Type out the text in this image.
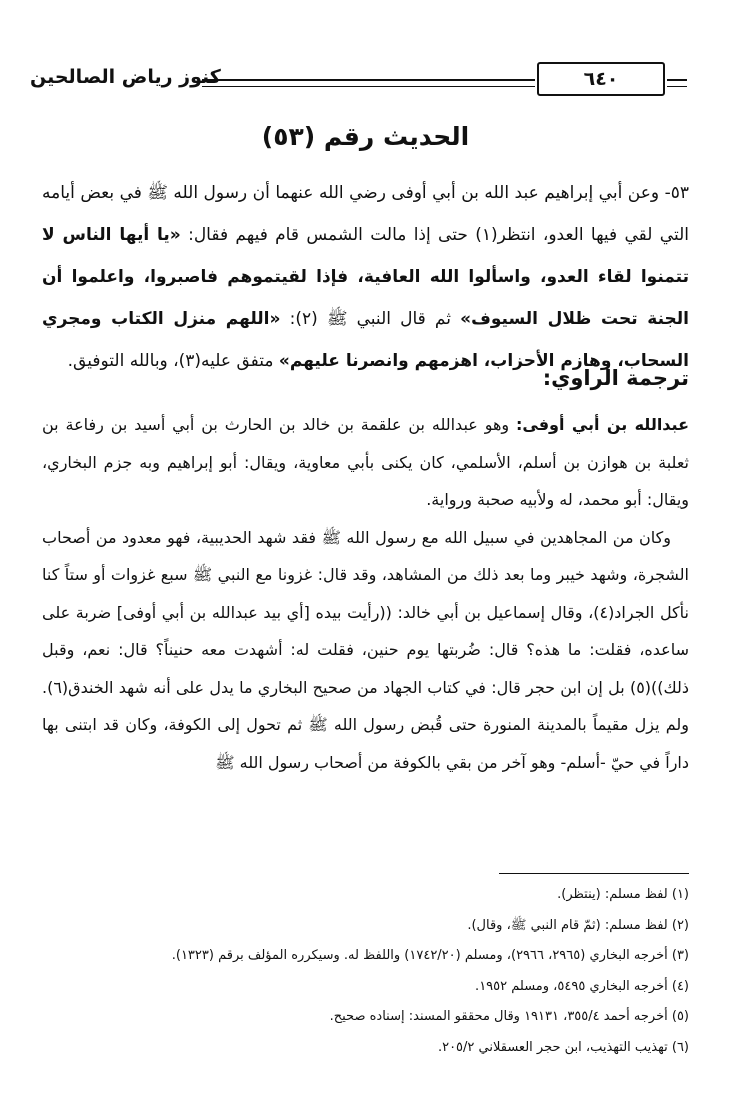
كنوز رياض الصالحين	٦٤٠
الحديث رقم (٥٣)
٥٣- وعن أبي إبراهيم عبد الله بن أبي أوفى رضي الله عنهما أن رسول الله ﷺ في بعض أيامه التي لقي فيها العدو، انتظر(١) حتى إذا مالت الشمس قام فيهم فقال: «يا أيها الناس لا تتمنوا لقاء العدو، واسألوا الله العافية، فإذا لقيتموهم فاصبروا، واعلموا أن الجنة تحت ظلال السيوف» ثم قال النبي ﷺ (٢): «اللهم منزل الكتاب ومجري السحاب، وهازم الأحزاب، اهزمهم وانصرنا عليهم» متفق عليه(٣)، وبالله التوفيق.
ترجمة الراوي:

عبدالله بن أبي أوفى: وهو عبدالله بن علقمة بن خالد بن الحارث بن أبي أسيد بن رفاعة بن ثعلبة بن هوازن بن أسلم، الأسلمي، كان يكنى بأبي معاوية، ويقال: أبو إبراهيم وبه جزم البخاري، ويقال: أبو محمد، له ولأبيه صحبة ورواية.

وكان من المجاهدين في سبيل الله مع رسول الله ﷺ فقد شهد الحديبية، فهو معدود من أصحاب الشجرة، وشهد خيبر وما بعد ذلك من المشاهد، وقد قال: غزونا مع النبي ﷺ سبع غزوات أو ستاً كنا نأكل الجراد(٤)، وقال إسماعيل بن أبي خالد: ((رأيت بيده [أي بيد عبدالله بن أبي أوفى] ضربة على ساعده، فقلت: ما هذه؟ قال: ضُربتها يوم حنين، فقلت له: أشهدت معه حنيناً؟ قال: نعم، وقبل ذلك))(٥) بل إن ابن حجر قال: في كتاب الجهاد من صحيح البخاري ما يدل على أنه شهد الخندق(٦). ولم يزل مقيماً بالمدينة المنورة حتى قُبض رسول الله ﷺ ثم تحول إلى الكوفة، وكان قد ابتنى بها داراً في حيّ -أسلم- وهو آخر من بقي بالكوفة من أصحاب رسول الله ﷺ

(١) لفظ مسلم: (ينتظر).
(٢) لفظ مسلم: (ثمّ قام النبي ﷺ، وقال).
(٣) أخرجه البخاري (٢٩٦٥، ٢٩٦٦)، ومسلم (١٧٤٢/٢٠) واللفظ له. وسيكرره المؤلف برقم (١٣٢٣).
(٤) أخرجه البخاري ٥٤٩٥، ومسلم ١٩٥٢.
(٥) أخرجه أحمد ٣٥٥/٤، ١٩١٣١ وقال محققو المسند: إسناده صحيح.
(٦) تهذيب التهذيب، ابن حجر العسقلاني ٢٠٥/٢.
